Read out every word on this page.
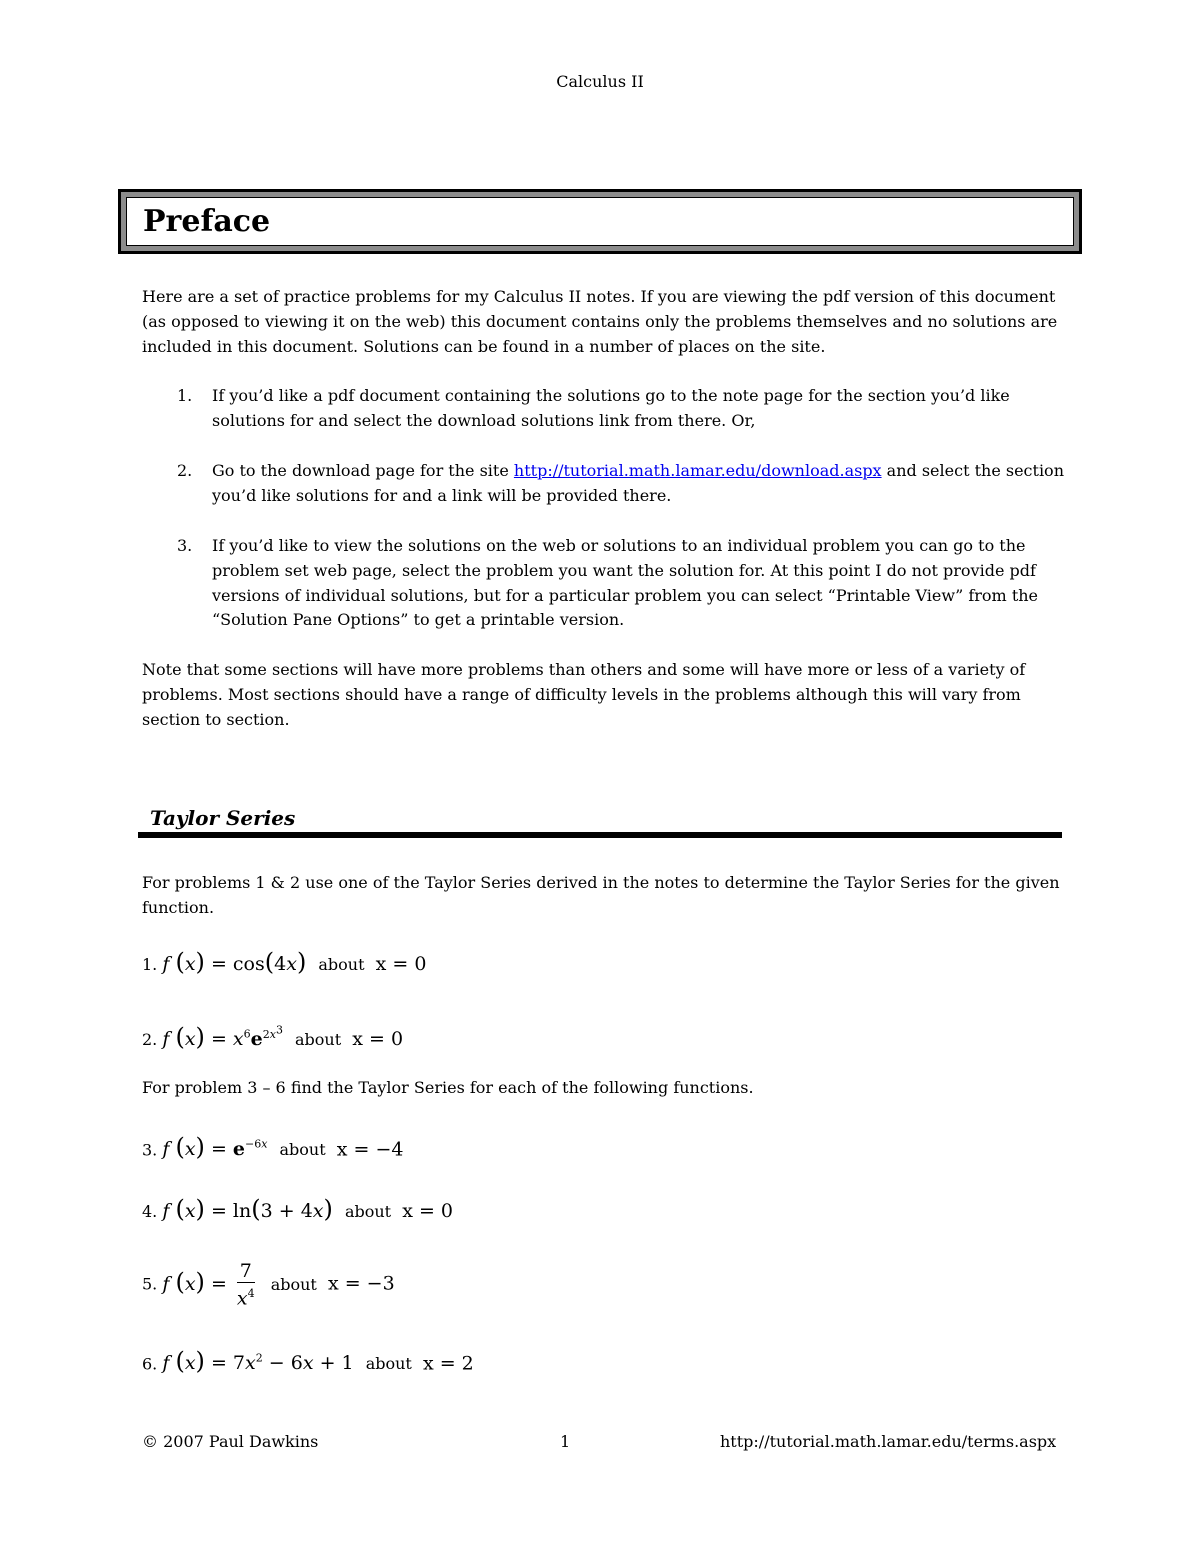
Calculus II
Preface

Here are a set of practice problems for my Calculus II notes. If you are viewing the pdf version of this document (as opposed to viewing it on the web) this document contains only the problems themselves and no solutions are included in this document. Solutions can be found in a number of places on the site.

1. If you’d like a pdf document containing the solutions go to the note page for the section you’d like solutions for and select the download solutions link from there. Or,
2. Go to the download page for the site http://tutorial.math.lamar.edu/download.aspx and select the section you’d like solutions for and a link will be provided there.
3. If you’d like to view the solutions on the web or solutions to an individual problem you can go to the problem set web page, select the problem you want the solution for. At this point I do not provide pdf versions of individual solutions, but for a particular problem you can select “Printable View” from the “Solution Pane Options” to get a printable version.

Note that some sections will have more problems than others and some will have more or less of a variety of problems. Most sections should have a range of difficulty levels in the problems although this will vary from section to section.

Taylor Series

For problems 1 & 2 use one of the Taylor Series derived in the notes to determine the Taylor Series for the given function.

1. f (x) = cos(4x) about x = 0
2. f $(x) = x^6e^{2x^3}$ about x = 0

For problem 3 – 6 find the Taylor Series for each of the following functions.

3. f $(x) = e^{-6x}$ about x = −4
4. f (x) = ln(3 + 4x) about x = 0
5. f $(x) = \frac{7}{x^4}$ about x = −3
6. f $(x) = 7x^2 - 6x + 1$ about x = 2
© 2007 Paul Dawkins	1	http://tutorial.math.lamar.edu/terms.aspx
